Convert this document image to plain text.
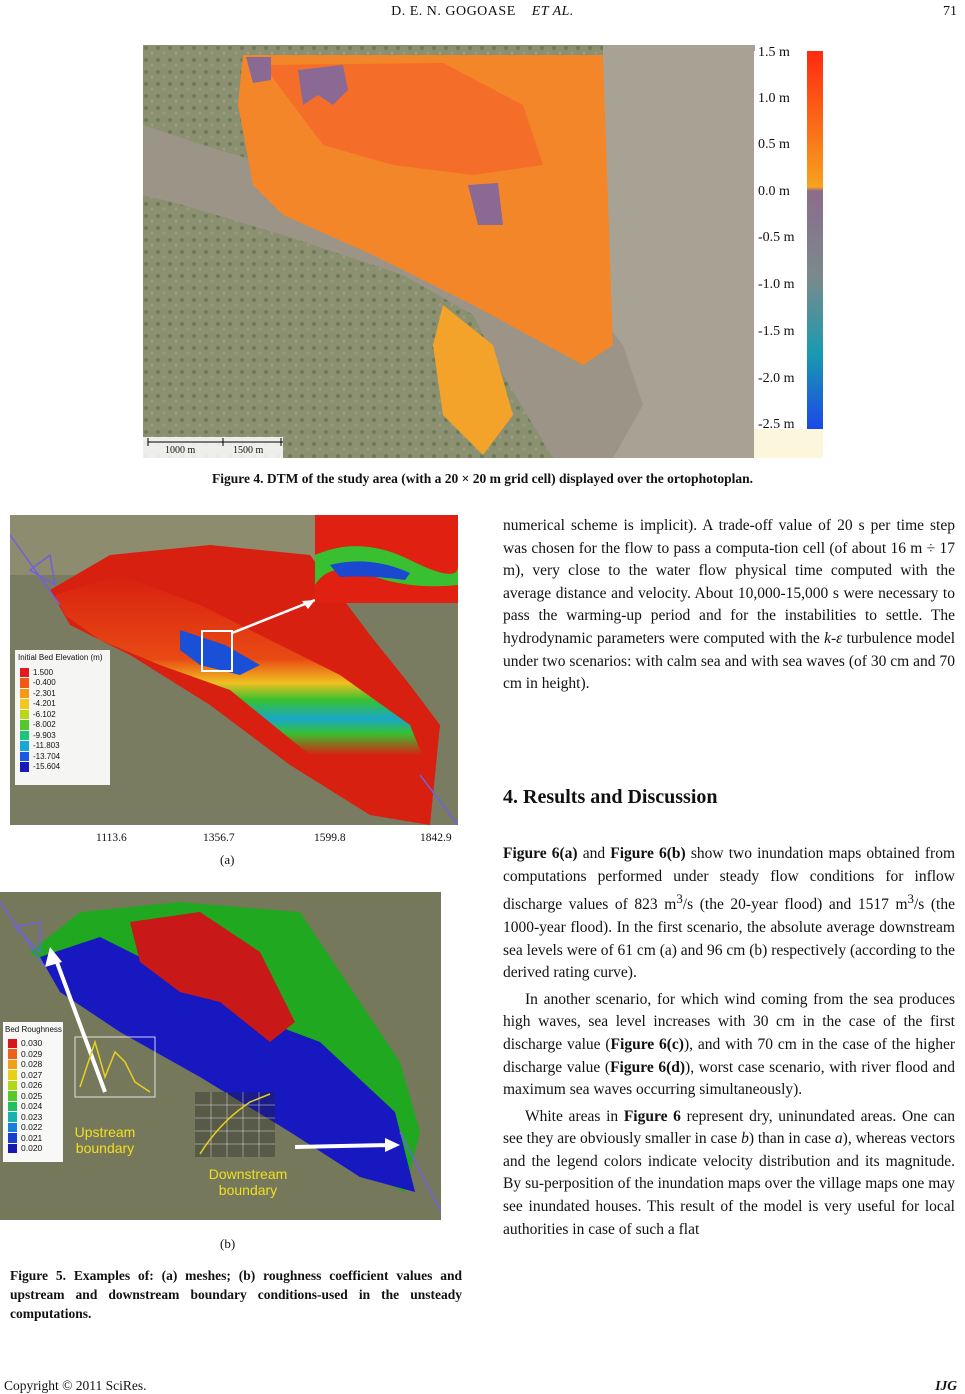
D. E. N. GOGOASE ET AL.	71
1.5 m
1.0 m
0.5 m
0.0 m
-0.5 m
-1.0 m
-1.5 m
-2.0 m
-2.5 m
1000 m	1500 m
Figure 4. DTM of the study area (with a 20 × 20 m grid cell) displayed over the ortophotoplan.
Initial Bed Elevation (m)
1.500
-0.400
-2.301
-4.201
-6.102
-8.002
-9.903
-11.803
-13.704
-15.604
1113.6	1356.7	1599.8	1842.9
(a)
Bed Roughness
0.030
0.029
0.028
0.027
0.026
0.025
0.024
0.023
0.022
0.021
0.020
Upstream boundary
Downstream boundary
(b)
Figure 5. Examples of: (a) meshes; (b) roughness coefficient values and upstream and downstream boundary conditions-used in the unsteady computations.

numerical scheme is implicit). A trade-off value of 20 s per time step was chosen for the flow to pass a computa-tion cell (of about 16 m ÷ 17 m), very close to the water flow physical time computed with the average distance and velocity. About 10,000-15,000 s were necessary to pass the warming-up period and for the instabilities to settle. The hydrodynamic parameters were computed with the k-ε turbulence model under two scenarios: with calm sea and with sea waves (of 30 cm and 70 cm in height).

4. Results and Discussion

Figure 6(a) and Figure 6(b) show two inundation maps obtained from computations performed under steady flow conditions for inflow discharge values of 823 $m^3/s$ (the 20-year flood) and 1517 $m^3/s$ (the 1000-year flood). In the first scenario, the absolute average downstream sea levels were of 61 cm (a) and 96 cm (b) respectively (according to the derived rating curve).

In another scenario, for which wind coming from the sea produces high waves, sea level increases with 30 cm in the case of the first discharge value (Figure 6(c)), and with 70 cm in the case of the higher discharge value (Figure 6(d)), worst case scenario, with river flood and maximum sea waves occurring simultaneously).

White areas in Figure 6 represent dry, uninundated areas. One can see they are obviously smaller in case b) than in case a), whereas vectors and the legend colors indicate velocity distribution and its magnitude. By su-perposition of the inundation maps over the village maps one may see inundated houses. This result of the model is very useful for local authorities in case of such a flat

Copyright © 2011 SciRes.	IJG
